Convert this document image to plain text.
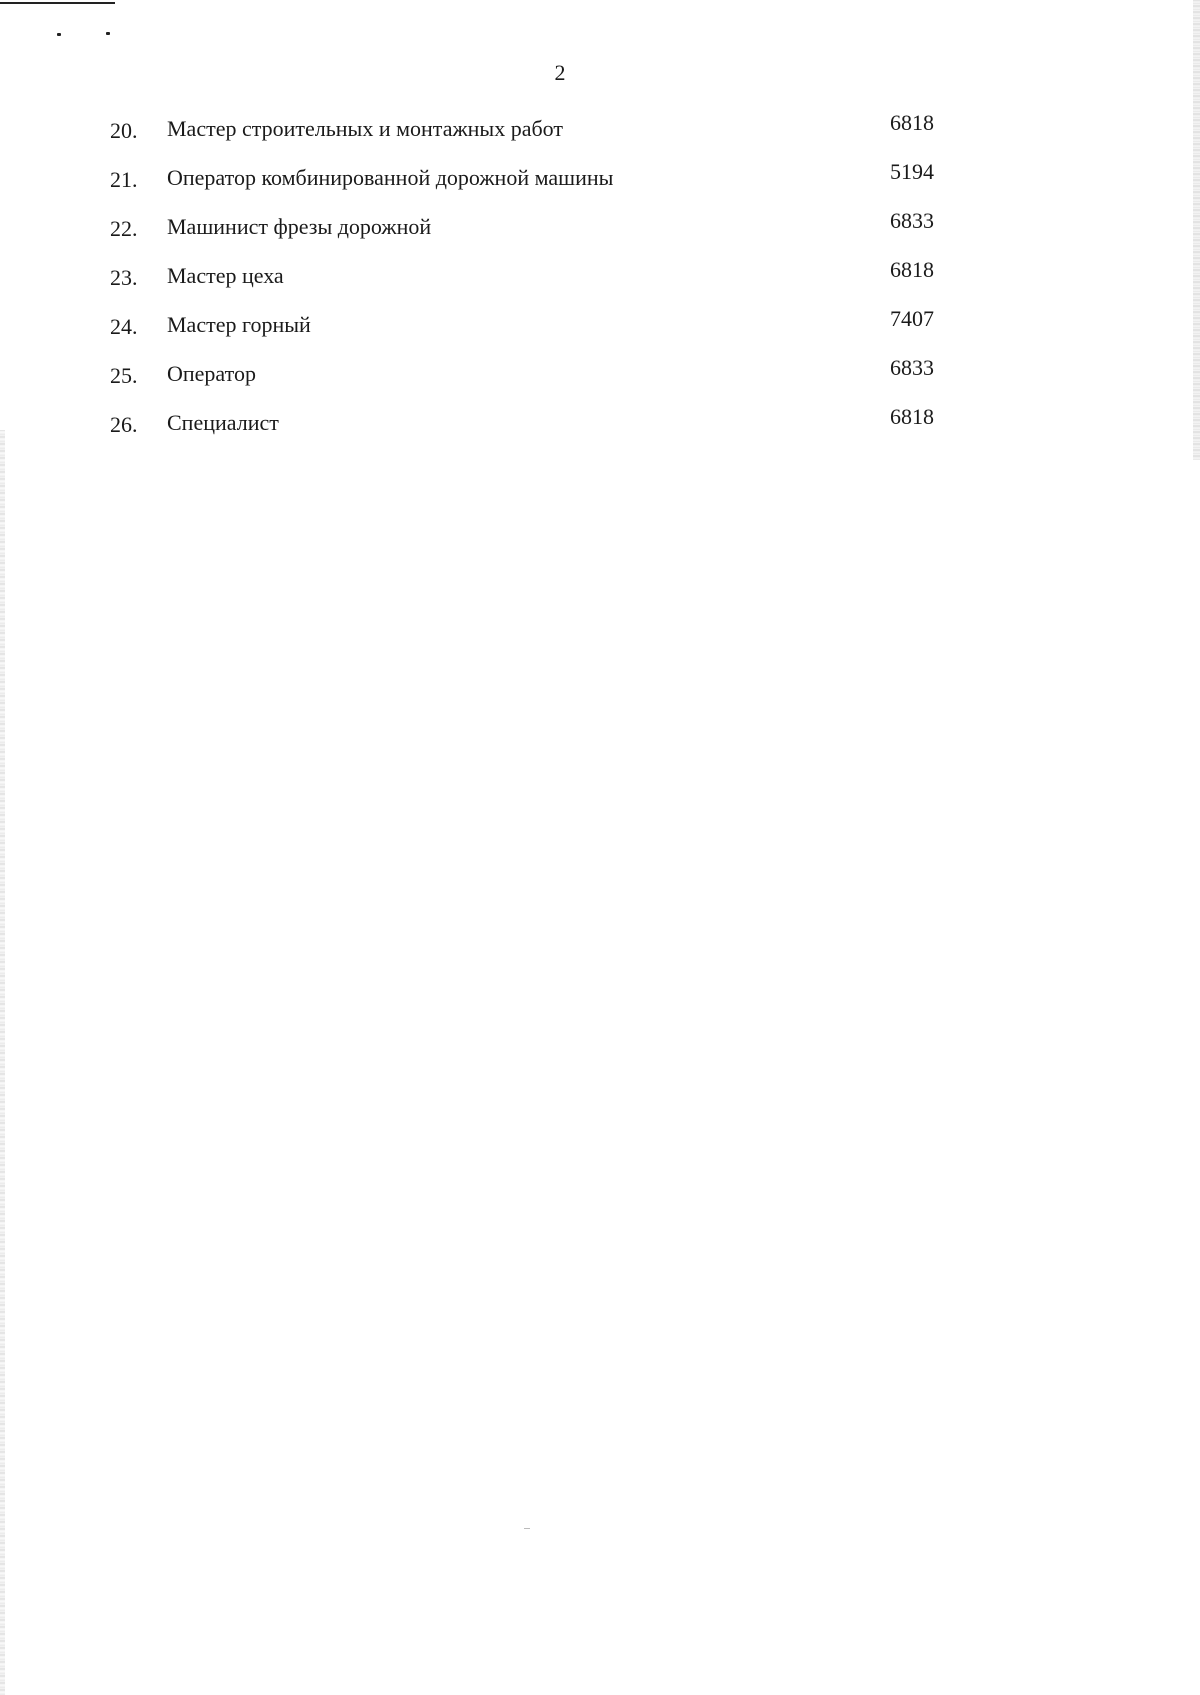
2
20. Мастер строительных и монтажных работ	6818
21. Оператор комбинированной дорожной машины	5194
22. Машинист фрезы дорожной	6833
23. Мастер цеха	6818
24. Мастер горный	7407
25. Оператор	6833
26. Специалист	6818
